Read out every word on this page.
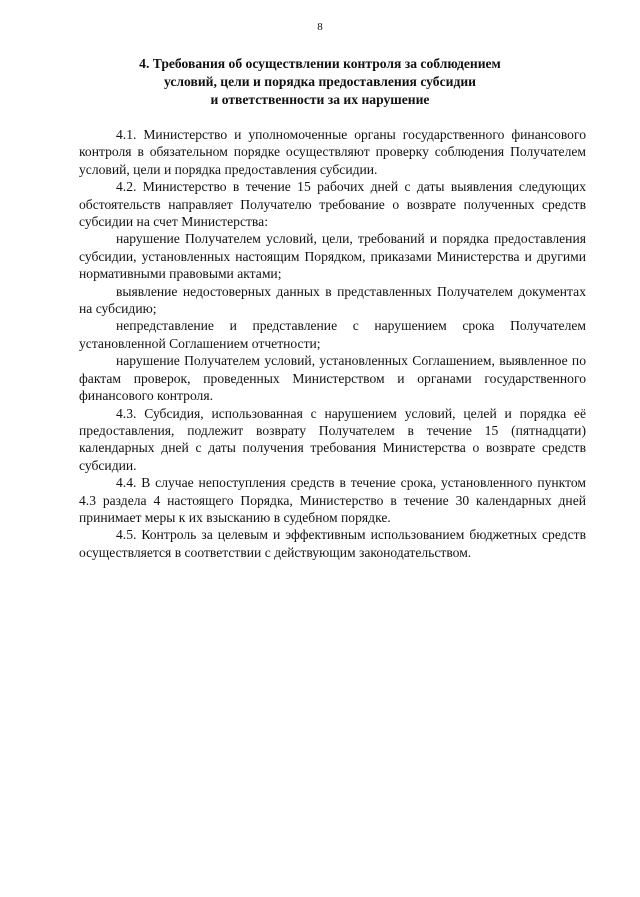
8
4. Требования об осуществлении контроля за соблюдением
условий, цели и порядка предоставления субсидии
и ответственности за их нарушение

4.1. Министерство и уполномоченные органы государственного финансового контроля в обязательном порядке осуществляют проверку соблюдения Получателем условий, цели и порядка предоставления субсидии.

4.2. Министерство в течение 15 рабочих дней с даты выявления следующих обстоятельств направляет Получателю требование о возврате полученных средств субсидии на счет Министерства:

нарушение Получателем условий, цели, требований и порядка предоставления субсидии, установленных настоящим Порядком, приказами Министерства и другими нормативными правовыми актами;

выявление недостоверных данных в представленных Получателем документах на субсидию;

непредставление и представление с нарушением срока Получателем установленной Соглашением отчетности;

нарушение Получателем условий, установленных Соглашением, выявленное по фактам проверок, проведенных Министерством и органами государственного финансового контроля.

4.3. Субсидия, использованная с нарушением условий, целей и порядка её предоставления, подлежит возврату Получателем в течение 15 (пятнадцати) календарных дней с даты получения требования Министерства о возврате средств субсидии.

4.4. В случае непоступления средств в течение срока, установленного пунктом 4.3 раздела 4 настоящего Порядка, Министерство в течение 30 календарных дней принимает меры к их взысканию в судебном порядке.

4.5. Контроль за целевым и эффективным использованием бюджетных средств осуществляется в соответствии с действующим законодательством.
